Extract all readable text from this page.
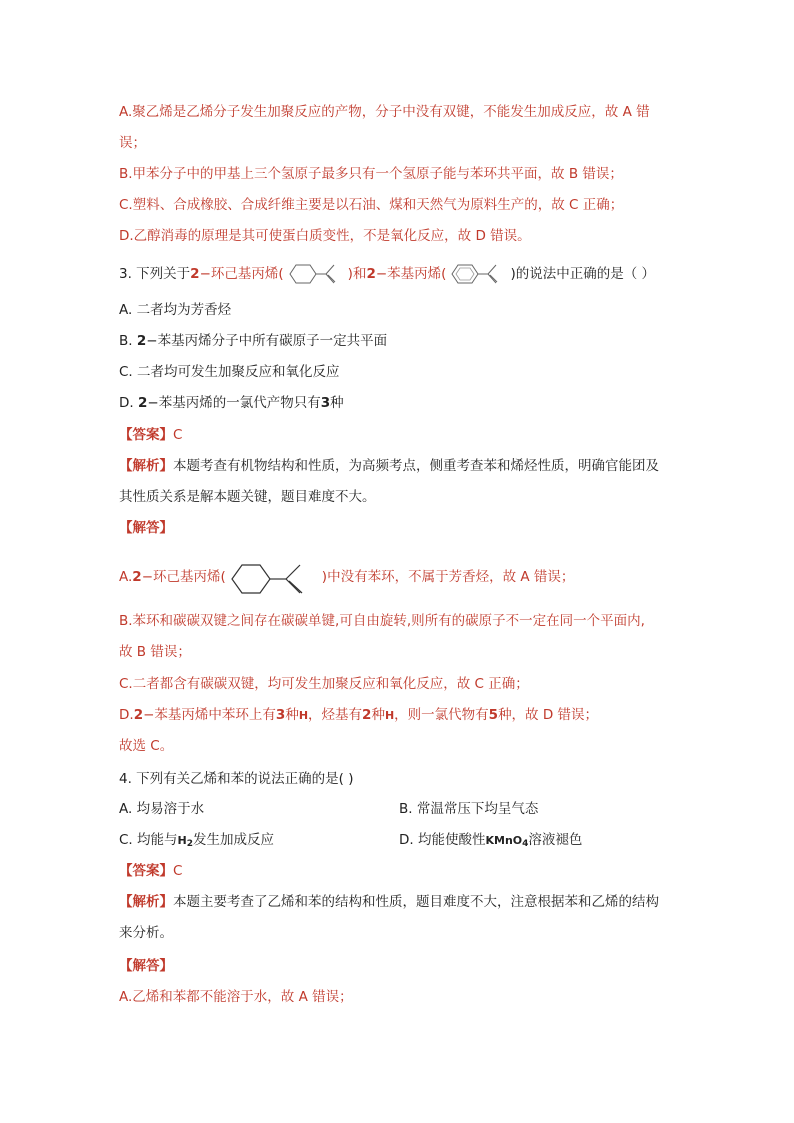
A.聚乙烯是乙烯分子发生加聚反应的产物，分子中没有双键，不能发生加成反应，故 A 错
误；
B.甲苯分子中的甲基上三个氢原子最多只有一个氢原子能与苯环共平面，故 B 错误；
C.塑料、合成橡胶、合成纤维主要是以石油、煤和天然气为原料生产的，故 C 正确；
D.乙醇消毒的原理是其可使蛋白质变性，不是氧化反应，故 D 错误。
3. 下列关于2−环己基丙烯(	)和2−苯基丙烯(	)的说法中正确的是（ ）
A. 二者均为芳香烃
B. 2−苯基丙烯分子中所有碳原子一定共平面
C. 二者均可发生加聚反应和氧化反应
D. 2−苯基丙烯的一氯代产物只有3种
【答案】C
【解析】本题考查有机物结构和性质，为高频考点，侧重考查苯和烯烃性质，明确官能团及
其性质关系是解本题关键，题目难度不大。
【解答】
A.2−环己基丙烯(	)中没有苯环，不属于芳香烃，故 A 错误；
B.苯环和碳碳双键之间存在碳碳单键,可自由旋转,则所有的碳原子不一定在同一个平面内,
故 B 错误；
C.二者都含有碳碳双键，均可发生加聚反应和氧化反应，故 C 正确；
D.2−苯基丙烯中苯环上有3种H，烃基有2种H，则一氯代物有5种，故 D 错误；
故选 C。
4. 下列有关乙烯和苯的说法正确的是( )
A. 均易溶于水	B. 常温常压下均呈气态
C. 均能与$H_2$发生加成反应	D. 均能使酸性KMnO$_4$溶液褪色
【答案】C
【解析】本题主要考查了乙烯和苯的结构和性质，题目难度不大，注意根据苯和乙烯的结构
来分析。
【解答】
A.乙烯和苯都不能溶于水，故 A 错误；
